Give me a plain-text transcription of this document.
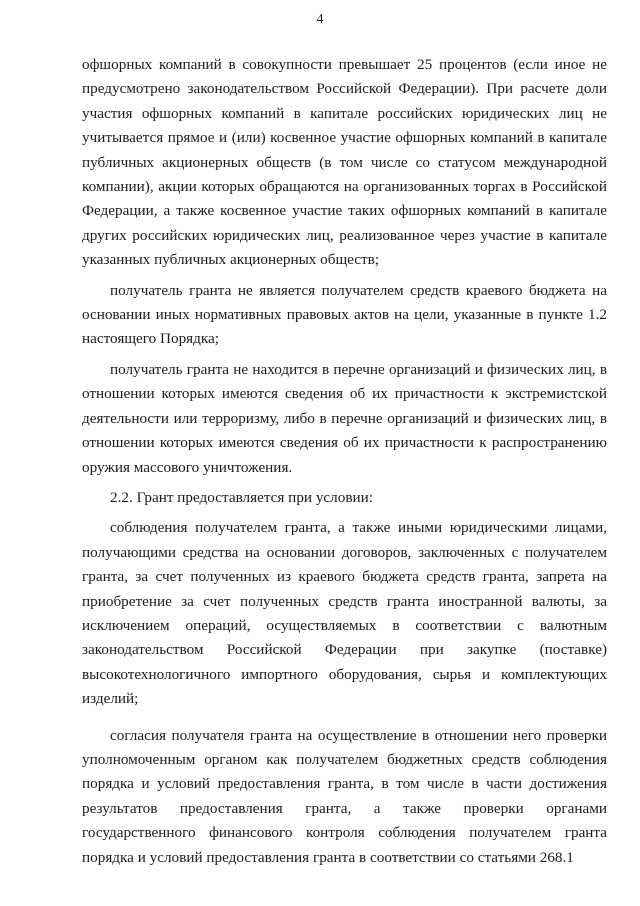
4

офшорных компаний в совокупности превышает 25 процентов (если иное не предусмотрено законодательством Российской Федерации). При расчете доли участия офшорных компаний в капитале российских юридических лиц не учитывается прямое и (или) косвенное участие офшорных компаний в капитале публичных акционерных обществ (в том числе со статусом международной компании), акции которых обращаются на организованных торгах в Российской Федерации, а также косвенное участие таких офшорных компаний в капитале других российских юридических лиц, реализованное через участие в капитале указанных публичных акционерных обществ;

получатель гранта не является получателем средств краевого бюджета на основании иных нормативных правовых актов на цели, указанные в пункте 1.2 настоящего Порядка;

получатель гранта не находится в перечне организаций и физических лиц, в отношении которых имеются сведения об их причастности к экстремистской деятельности или терроризму, либо в перечне организаций и физических лиц, в отношении которых имеются сведения об их причастности к распространению оружия массового уничтожения.

2.2. Грант предоставляется при условии:

соблюдения получателем гранта, а также иными юридическими лицами, получающими средства на основании договоров, заключенных с получателем гранта, за счет полученных из краевого бюджета средств гранта, запрета на приобретение за счет полученных средств гранта иностранной валюты, за исключением операций, осуществляемых в соответствии с валютным законодательством Российской Федерации при закупке (поставке) высокотехнологичного импортного оборудования, сырья и комплектующих изделий;

согласия получателя гранта на осуществление в отношении него проверки уполномоченным органом как получателем бюджетных средств соблюдения порядка и условий предоставления гранта, в том числе в части достижения результатов предоставления гранта, а также проверки органами государственного финансового контроля соблюдения получателем гранта порядка и условий предоставления гранта в соответствии со статьями 268.1
